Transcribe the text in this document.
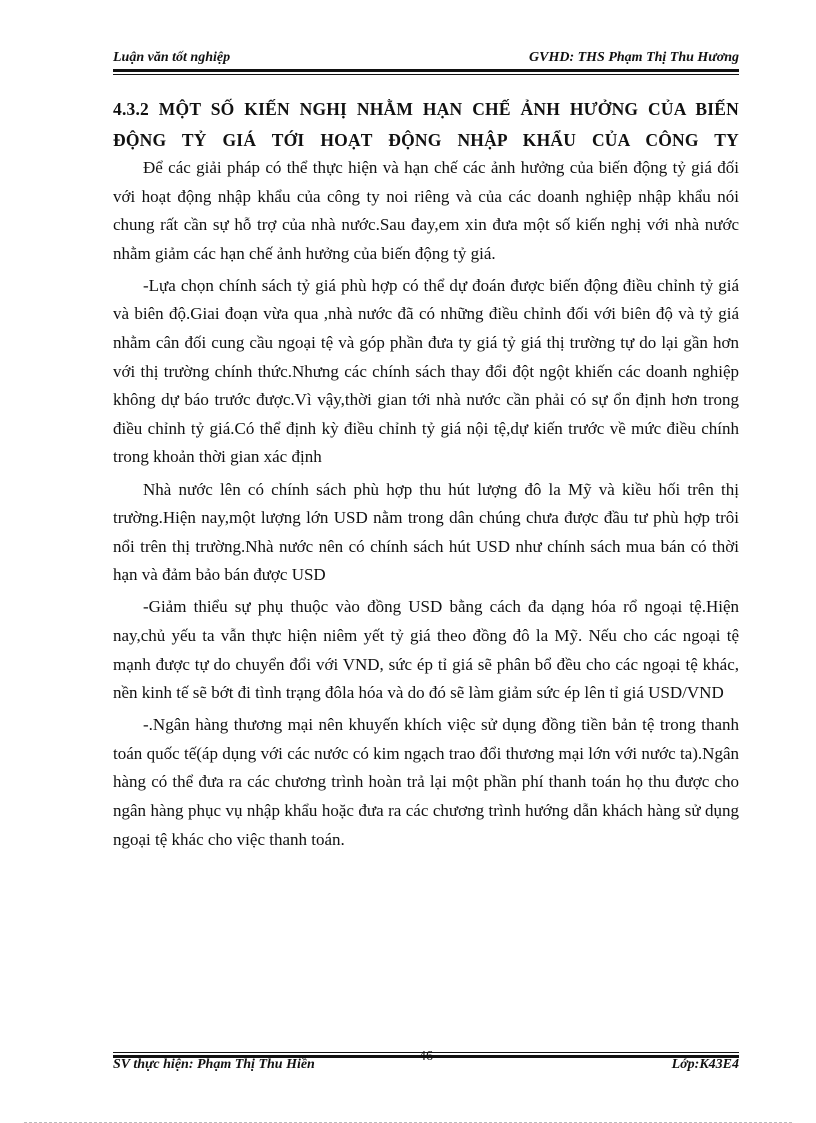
Luận văn tốt nghiệp	GVHD: THS Phạm Thị Thu Hương
4.3.2 MỘT SỐ KIẾN NGHỊ NHẰM HẠN CHẾ ẢNH HƯỞNG CỦA BIẾN ĐỘNG TỶ GIÁ TỚI HOẠT ĐỘNG NHẬP KHẨU CỦA CÔNG TY

Để các giải pháp có thể thực hiện và hạn chế các ảnh hưởng của biến động tỷ giá đối với hoạt động nhập khẩu của công ty noi riêng và của các doanh nghiệp nhập khẩu nói chung rất cần sự hỗ trợ của nhà nước.Sau đay,em xin đưa một số kiến nghị với nhà nước nhằm giảm các hạn chế ảnh hưởng của biến động tỷ giá.

-Lựa chọn chính sách tỷ giá phù hợp có thể dự đoán được biến động điều chỉnh tỷ giá và biên độ.Giai đoạn vừa qua ,nhà nước đã có những điều chỉnh đối với biên độ và tỷ giá nhằm cân đối cung cầu ngoại tệ và góp phần đưa ty giá tỷ giá thị trường tự do lại gần hơn với thị trường chính thức.Nhưng các chính sách thay đổi đột ngột khiến các doanh nghiệp không dự báo trước được.Vì vậy,thời gian tới nhà nước cần phải có sự ổn định hơn trong điều chỉnh tỷ giá.Có thể định kỳ điều chỉnh tỷ giá nội tệ,dự kiến trước về mức điều chính trong khoản thời gian xác định

Nhà nước lên có chính sách phù hợp thu hút lượng đô la Mỹ và kiều hối trên thị trường.Hiện nay,một lượng lớn USD nằm trong dân chúng chưa được đầu tư phù hợp trôi nổi trên thị trường.Nhà nước nên có chính sách hút USD như chính sách mua bán có thời hạn và đảm bảo bán được USD

-Giảm thiểu sự phụ thuộc vào đồng USD bằng cách đa dạng hóa rổ ngoại tệ.Hiện nay,chủ yếu ta vẫn thực hiện niêm yết tỷ giá theo đồng đô la Mỹ. Nếu cho các ngoại tệ mạnh được tự do chuyển đổi với VND, sức ép tỉ giá sẽ phân bổ đều cho các ngoại tệ khác, nền kinh tế sẽ bớt đi tình trạng đôla hóa và do đó sẽ làm giảm sức ép lên tỉ giá USD/VND

-.Ngân hàng thương mại nên khuyến khích việc sử dụng đồng tiền bản tệ trong thanh toán quốc tế(áp dụng với các nước có kim ngạch trao đổi thương mại lớn với nước ta).Ngân hàng có thể đưa ra các chương trình hoàn trả lại một phần phí thanh toán họ thu được cho ngân hàng phục vụ nhập khẩu hoặc đưa ra các chương trình hướng dẫn khách hàng sử dụng ngoại tệ khác cho việc thanh toán.

SV thực hiện: Phạm Thị Thu Hiền
46
Lớp:K43E4
